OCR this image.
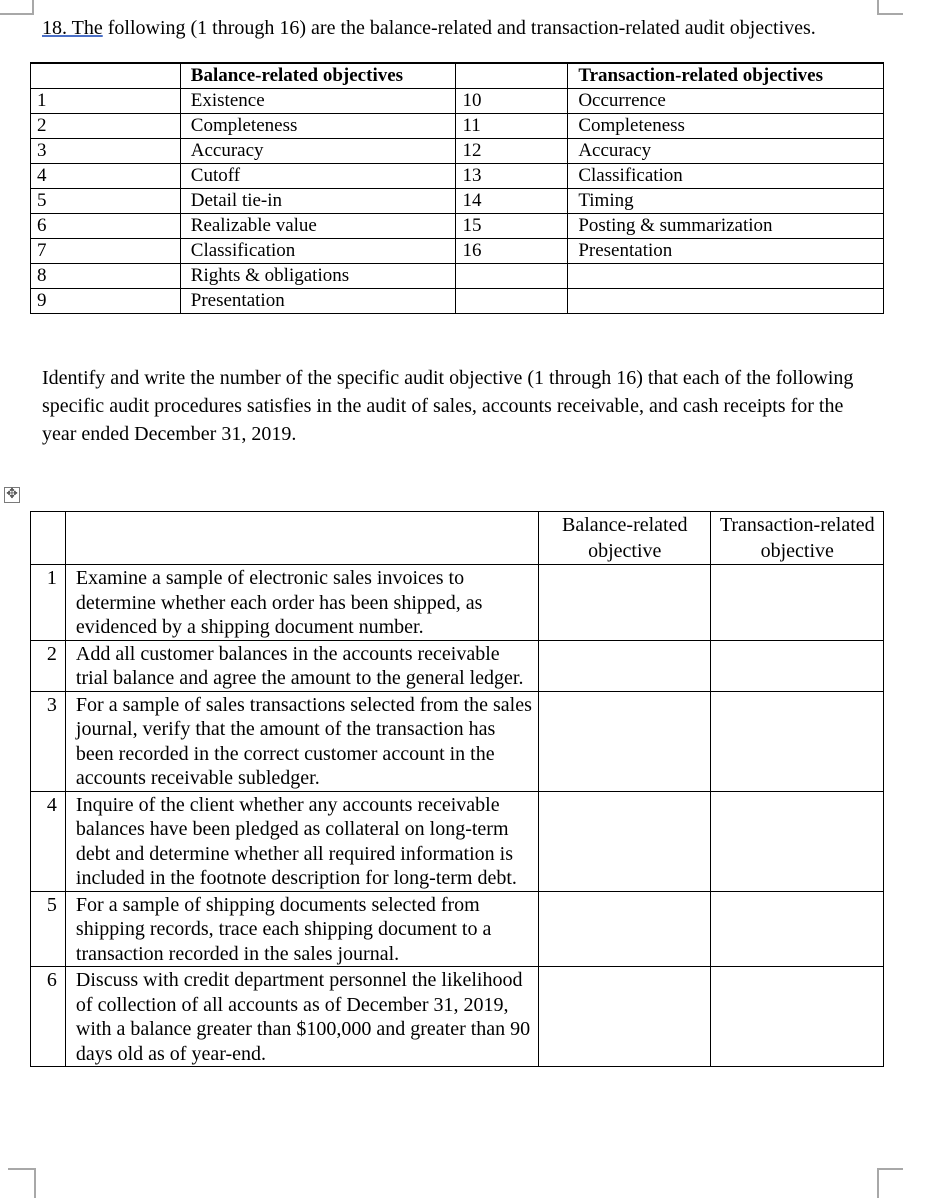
18. The following (1 through 16) are the balance-related and transaction-related audit objectives.
	Balance-related objectives		Transaction-related objectives
1	Existence	10	Occurrence
2	Completeness	11	Completeness
3	Accuracy	12	Accuracy
4	Cutoff	13	Classification
5	Detail tie-in	14	Timing
6	Realizable value	15	Posting & summarization
7	Classification	16	Presentation
8	Rights & obligations		
9	Presentation		
Identify and write the number of the specific audit objective (1 through 16) that each of the following specific audit procedures satisfies in the audit of sales, accounts receivable, and cash receipts for the year ended December 31, 2019.
✥
		Balance-related objective	Transaction-related objective
1	Examine a sample of electronic sales invoices to determine whether each order has been shipped, as evidenced by a shipping document number.		
2	Add all customer balances in the accounts receivable trial balance and agree the amount to the general ledger.		
3	For a sample of sales transactions selected from the sales journal, verify that the amount of the transaction has been recorded in the correct customer account in the accounts receivable subledger.		
4	Inquire of the client whether any accounts receivable balances have been pledged as collateral on long-term debt and determine whether all required information is included in the footnote description for long-term debt.		
5	For a sample of shipping documents selected from shipping records, trace each shipping document to a transaction recorded in the sales journal.		
6	Discuss with credit department personnel the likelihood of collection of all accounts as of December 31, 2019, with a balance greater than $100,000 and greater than 90 days old as of year-end.		
